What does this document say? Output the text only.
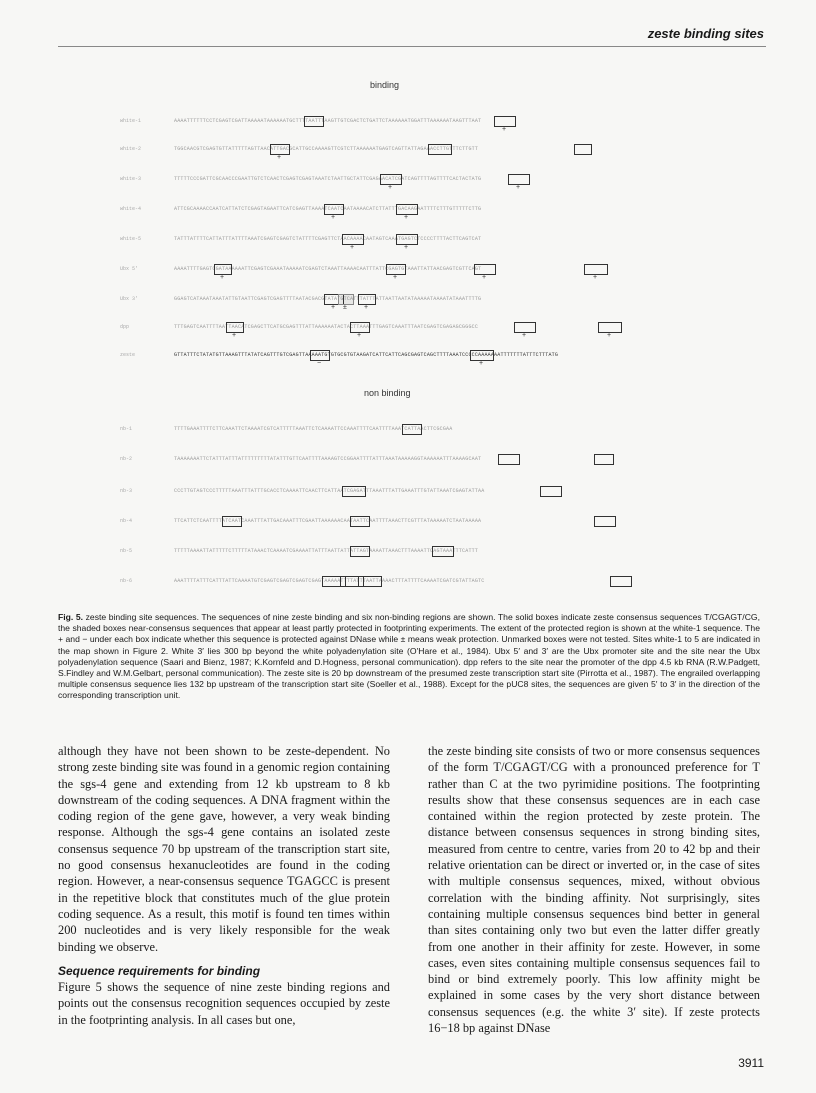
zeste binding sites
binding
non binding
white-1	AAAATTTTTTCCTCGAGTCGATTAAAAATAAAAAATGCTTTTAATTTAAGTTGTCGACTCTGATTCTAAAAAATGGATTTAAAAAATAAGTTTAAT
+
white-2	TGGCAACGTCGAGTGTTATTTTTAGTTAACATTGACGCATTGCCAAAAGTTCGTCTTAAAAAATGAGTCAGTTATTAGAAACCTTGTTTCTTGTT
+
white-3	TTTTTCCCGATTCGCAACCCGAATTGTCTCAACTCGAGTCGAGTAAATCTAATTGCTATTCGAGAACATCGATCAGTTTTAGTTTTCACTACTATG
+	+
white-4	ATTCGCAAAACCAATCATTATCTCGAGTAGAATTCATCGAGTTAAAATCAATCAATAAAACATCTTATTTGACAAGAATTTTCTTTGTTTTTCTTG
+	+
white-5	TATTTATTTTCATTATTTATTTTAAATCGAGTCGAGTCTATTTTCGAGTTCTAACAAAACAATAGTCAAATGAGTCTCCCCTTTTACTTCAGTCAT
+	+
Ubx 5'	AAAATTTTGAGTCGATAAAAAATTCGAGTCGAAATAAAAATCGAGTCTAAATTAAAACAATTTATTCGAGTGTAAATTATTAACGAGTCGTTCAGT
+	+	+	+
Ubx 3'	GGAGTCATAAATAAATATTGTAATTCGAGTCGAGTTTTAATACGACGTATATGTCATTTATTTATTAATTAATATAAAAATAAAATATAAATTTTG
+ ± +
dpp	TTTGAGTCAATTTTAATTAACATCGAGCTTCATGCGAGTTTATTAAAAAATACTACTTAAATTTGAGTCAAATTTAATCGAGTCGAGAGCGGGCC
+	+	+	+
zeste	GTTATTTCTATATGTTAAAGTTTATATCAGTTTGTCGAGTTAAAAATGTGTGCGTGTAAGATCATTCATTCAGCGAGTCAGCTTTTAAATCCCCCAAAAAAATTTTTTTATTTCTTTATG
−	+
nb-1	TTTTGAAATTTTCTTCAAATTCTAAAATCGTCATTTTTAAATTCTCAAAATTCCAAATTTTCAATTTTAAATCATTAACTTCGCGAA
nb-2	TAAAAAAATTCTATTTATTTATTTTTTTTTATATTTGTTCAATTTTAAAAGTCCGGAATTTTATTTAAATAAAAAGGTAAAAAATTTAAAAGCAAT
nb-3	CCCTTGTAGTCCCTTTTTAAATTTATTTGCACCTCAAAATTCAACTTCATTAATCGAGATTTAAATTTATTGAAATTTGTATTAAATCGAGTATTAA
nb-4	TTCATTCTCAATTTTATCAATCAAATTTATTGACAAATTTCGAATTAAAAAACAATAATTCAATTTTAAACTTCGTTTATAAAAATCTAATAAAAA
nb-5	TTTTTAAAATTATTTTTCTTTTTATAAACTCAAAATCGAAAATTATTTAATTATTATTAGTAAAATTAAACTTTAAAATTCAGTAAATTTCATTT
nb-6	AAATTTTATTTCATTTATTCAAAATGTCGAGTCGAGTCGAGTCGAGTAAAAATTTTATTTAATTAAAACTTTATTTTCAAAATCGATCGTATTAGTC
Fig. 5. zeste binding site sequences. The sequences of nine zeste binding and six non-binding regions are shown. The solid boxes indicate zeste consensus sequences T/CGAGT/CG, the shaded boxes near-consensus sequences that appear at least partly protected in footprinting experiments. The extent of the protected region is shown at the white-1 sequence. The + and − under each box indicate whether this sequence is protected against DNase while ± means weak protection. Unmarked boxes were not tested. Sites white-1 to 5 are indicated in the map shown in Figure 2. White 3′ lies 300 bp beyond the white polyadenylation site (O'Hare et al., 1984). Ubx 5′ and 3′ are the Ubx promoter site and the site near the Ubx polyadenylation sequence (Saari and Bienz, 1987; K.Kornfeld and D.Hogness, personal communication). dpp refers to the site near the promoter of the dpp 4.5 kb RNA (R.W.Padgett, S.Findley and W.M.Gelbart, personal communication). The zeste site is 20 bp downstream of the presumed zeste transcription start site (Pirrotta et al., 1987). The engrailed overlapping multiple consensus sequence lies 132 bp upstream of the transcription start site (Soeller et al., 1988). Except for the pUC8 sites, the sequences are given 5′ to 3′ in the direction of the corresponding transcription unit.

although they have not been shown to be zeste-dependent. No strong zeste binding site was found in a genomic region containing the sgs-4 gene and extending from 12 kb upstream to 8 kb downstream of the coding sequences. A DNA fragment within the coding region of the gene gave, however, a very weak binding response. Although the sgs-4 gene contains an isolated zeste consensus sequence 70 bp upstream of the transcription start site, no good consensus hexanucleotides are found in the coding region. However, a near-consensus sequence TGAGCC is present in the repetitive block that constitutes much of the glue protein coding sequence. As a result, this motif is found ten times within 200 nucleotides and is very likely responsible for the weak binding we observe.

Sequence requirements for binding

Figure 5 shows the sequence of nine zeste binding regions and points out the consensus recognition sequences occupied by zeste in the footprinting analysis. In all cases but one,

the zeste binding site consists of two or more consensus sequences of the form T/CGAGT/CG with a pronounced preference for T rather than C at the two pyrimidine positions. The footprinting results show that these consensus sequences are in each case contained within the region protected by zeste protein. The distance between consensus sequences in strong binding sites, measured from centre to centre, varies from 20 to 42 bp and their relative orientation can be direct or inverted or, in the case of sites with multiple consensus sequences, mixed, without obvious correlation with the binding affinity. Not surprisingly, sites containing multiple consensus sequences bind better in general than sites containing only two but even the latter differ greatly from one another in their affinity for zeste. However, in some cases, even sites containing multiple consensus sequences fail to bind or bind extremely poorly. This low affinity might be explained in some cases by the very short distance between consensus sequences (e.g. the white 3′ site). If zeste protects 16−18 bp against DNase

3911
